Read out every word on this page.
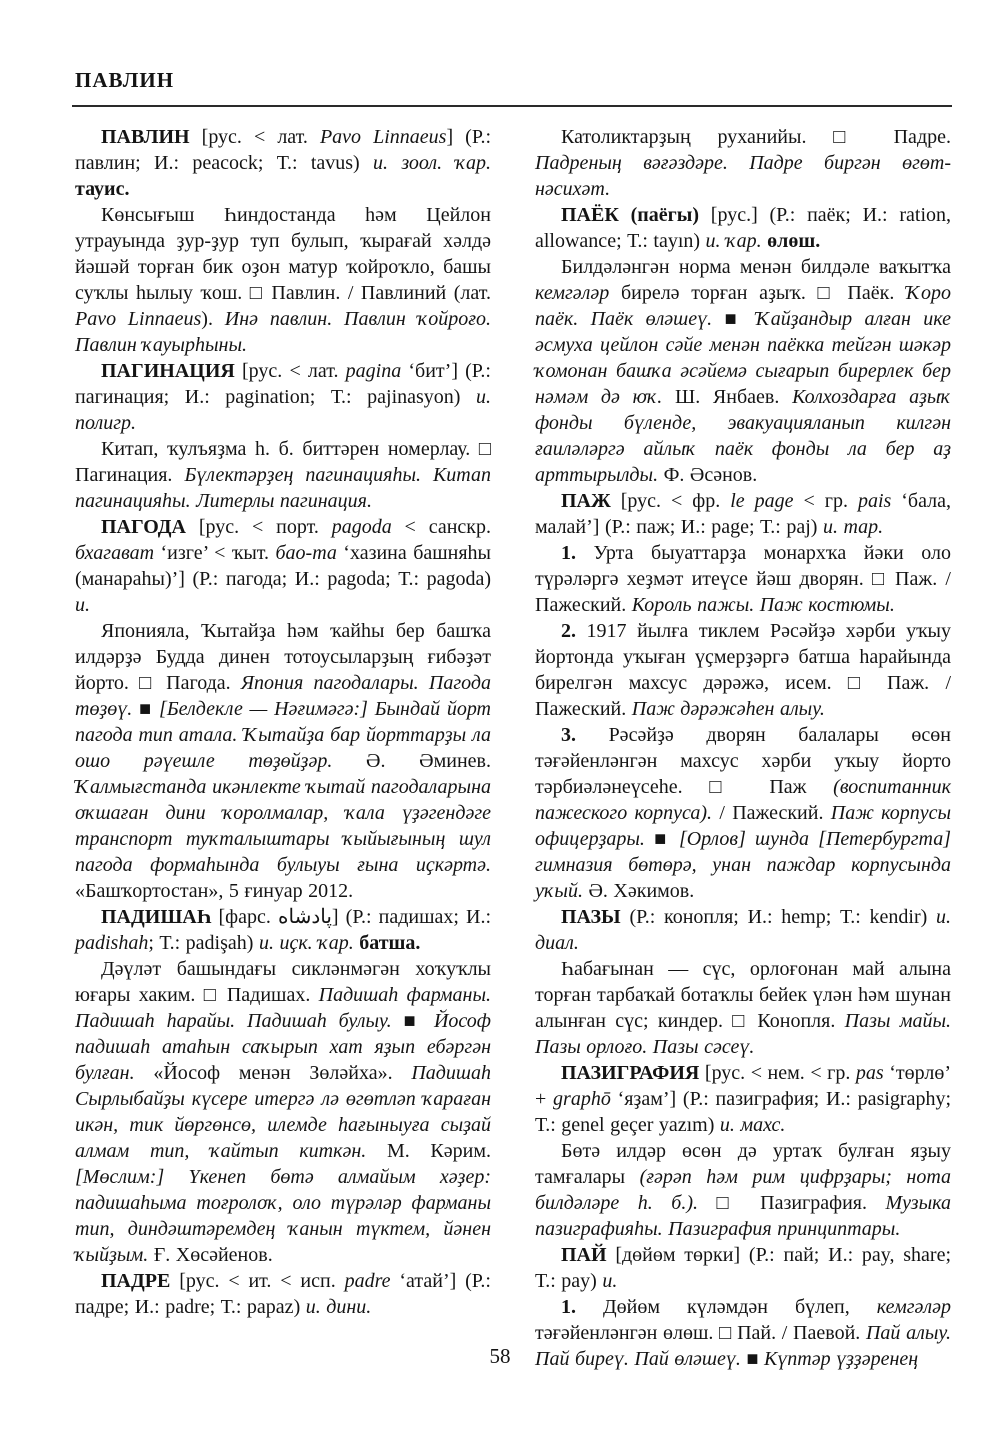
ПАВЛИН

ПАВЛИН [рус. < лат. Pavo Linnaeus] (Р.: павлин; И.: peacock; Т.: tavus) и. зоол. ҡар. тауис.

Көнсығыш Һиндостанда һәм Цейлон утрауында ҙур-ҙур туп булып, ҡырағай хәлдә йәшәй торған бик оҙон матур ҡойроҡло, башы суҡлы һылыу ҡош. □ Павлин. / Павлиний (лат. Pavo Linnaeus). Инә павлин. Павлин ҡойроғо. Павлин ҡауырһыны.

ПАГИНАЦИЯ [рус. < лат. pagina ‘бит’] (Р.: пагинация; И.: pagination; Т.: pajinasyon) и. полигр.

Китап, ҡулъяҙма һ. б. биттәрен номерлау. □ Пагинация. Бүлектәрҙең пагинацияһы. Китап пагинацияһы. Литерлы пагинация.

ПАГОДА [рус. < порт. pagoda < санскр. бхагават ‘изге’ < ҡыт. бао-та ‘хазина башняһы (манараһы)’] (Р.: пагода; И.: pagoda; Т.: pagoda) и.

Японияла, Ҡытайҙа һәм ҡайһы бер башҡа илдәрҙә Будда динен тотоусыларҙың ғибәҙәт йорто. □ Пагода. Япония пагодалары. Пагода төҙөү. ■ [Белдекле — Нәғимәгә:] Бындай йорт пагода тип атала. Ҡытайҙа бар йорттарҙы ла ошо рәүешле төҙөйҙәр. Ә. Әминев. Ҡалмығстанда икәнлекте ҡытай пагодаларына оҡшаған дини ҡоролмалар, ҡала үҙәгендәге транспорт туҡталыштары ҡыйығының шул пагода формаһында булыуы ғына иҫкәртә. «Башҡортостан», 5 ғинуар 2012.

ПАДИШАҺ [фарс. پادشاه] (Р.: падишах; И.: padishah; Т.: padişah) и. иҫк. ҡар. батша.

Дәүләт башындағы сикләнмәгән хоҡуҡлы юғары хаким. □ Падишах. Падишаһ фарманы. Падишаһ һарайы. Падишаһ булыу. ■ Йософ падишаһ атаһын саҡырып хат яҙып ебәргән булған. «Йософ менән Зөләйха». Падишаһ Сырлыбайҙы күсере итергә лә өгөтләп ҡараған икән, тик йөргөнсө, илемде һағыныуға сыҙай алмам тип, ҡайтып киткән. М. Кәрим. [Мөслим:] Үкенеп бөтә алмайым хәҙер: падишаһыма тоғролоҡ, оло түрәләр фарманы тип, диндәштәремдең ҡанын түктем, йәнен ҡыйҙым. Ғ. Хөсәйенов.

ПАДРЕ [рус. < ит. < исп. padre ‘атай’] (Р.: падре; И.: padre; Т.: papaz) и. дини.

Католиктарҙың руханийы. □ Падре. Падреның вәғәздәре. Падре биргән өгөт-нәсихәт.

ПАЁК (паёгы) [рус.] (Р.: паёк; И.: ration, allowance; Т.: tayın) и. ҡар. өлөш.

Билдәләнгән норма менән билдәле ваҡытҡа кемгәләр бирелә торған аҙыҡ. □ Паёк. Ҡоро паёк. Паёк өләшеү. ■ Ҡайҙандыр алған ике әсмуха цейлон сәйе менән паёкка тейгән шәкәр ҡомонан башҡа әсәйемә сығарып бирерлек бер нәмәм дә юҡ. Ш. Янбаев. Колхоздарға аҙыҡ фонды бүленде, эвакуацияланып килгән ғаиләләргә айлыҡ паёк фонды ла бер аҙ арттырылды. Ф. Әсәнов.

ПАЖ [рус. < фр. le page < гр. pais ‘бала, малай’] (Р.: паж; И.: page; Т.: paj) и. тар.

1. Урта быуаттарҙа монархҡа йәки оло түрәләргә хеҙмәт итеүсе йәш дворян. □ Паж. / Пажеский. Король пажы. Паж костюмы.

2. 1917 йылға тиклем Рәсәйҙә хәрби уҡыу йортонда уҡыған үҫмерҙәргә батша һарайында бирелгән махсус дәрәжә, исем. □ Паж. / Пажеский. Паж дәрәжәһен алыу.

3. Рәсәйҙә дворян балалары өсөн тәғәйенләнгән махсус хәрби уҡыу йорто тәрбиәләнеүсеһе. □ Паж (воспитанник пажеского корпуса). / Пажеский. Паж корпусы офицерҙары. ■ [Орлов] шунда [Петербургта] гимназия бөтөрә, унан паждар корпусында уҡый. Ә. Хәкимов.

ПАЗЫ (Р.: конопля; И.: hemp; Т.: kendir) и. диал.

Һабағынан — сүс, орлоғонан май алына торған тарбаҡай ботаҡлы бейек үлән һәм шунан алынған сүс; киндер. □ Конопля. Пазы майы. Пазы орлоғо. Пазы сәсеү.

ПАЗИГРАФИЯ [рус. < нем. < гр. pas ‘төрлө’ + graphō ‘яҙам’] (Р.: пазиграфия; И.: pasigraphy; Т.: genel geçer yazım) и. махс.

Бөтә илдәр өсөн дә уртаҡ булған яҙыу тамғалары (ғәрәп һәм рим цифрҙары; нота билдәләре һ. б.). □ Пазиграфия. Музыка пазиграфияһы. Пазиграфия принциптары.

ПАЙ [дөйөм төрки] (Р.: пай; И.: pay, share; Т.: pay) и.

1. Дөйөм күләмдән бүлеп, кемгәләр тәғәйенләнгән өлөш. □ Пай. / Паевой. Пай алыу. Пай биреү. Пай өләшеү. ■ Күптәр үҙҙәренең

58
